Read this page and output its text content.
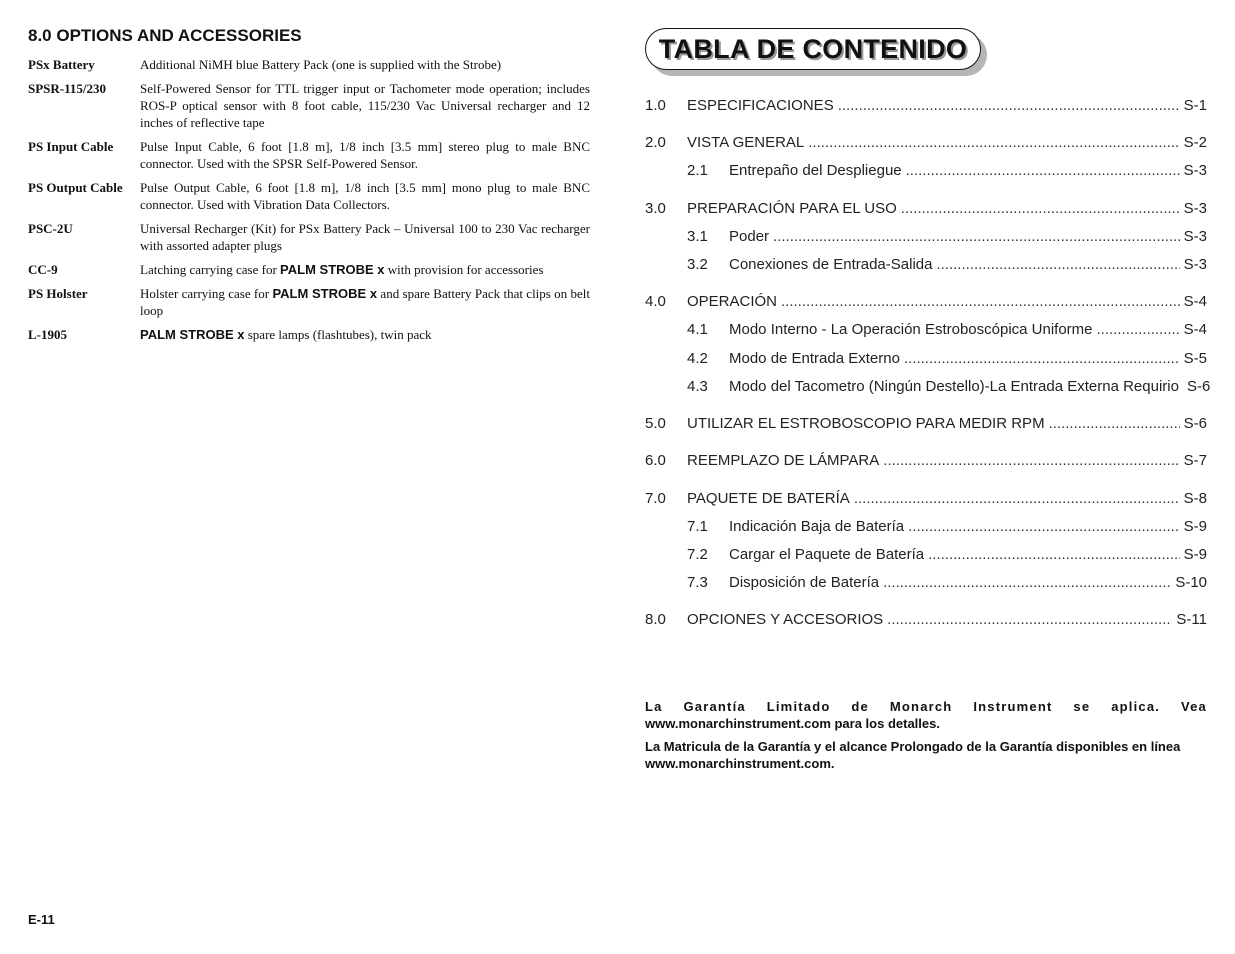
8.0 OPTIONS AND ACCESSORIES
PSx Battery	Additional NiMH blue Battery Pack (one is supplied with the Strobe)
SPSR-115/230	Self-Powered Sensor for TTL trigger input or Tachometer mode operation; includes ROS-P optical sensor with 8 foot cable, 115/230 Vac Universal recharger and 12 inches of reflective tape
PS Input Cable	Pulse Input Cable, 6 foot [1.8 m], 1/8 inch [3.5 mm] stereo plug to male BNC connector. Used with the SPSR Self-Powered Sensor.
PS Output Cable	Pulse Output Cable, 6 foot [1.8 m], 1/8 inch [3.5 mm] mono plug to male BNC connector. Used with Vibration Data Collectors.
PSC-2U	Universal Recharger (Kit) for PSx Battery Pack – Universal 100 to 230 Vac recharger with assorted adapter plugs
CC-9	Latching carrying case for PALM STROBE x with provision for accessories
PS Holster	Holster carrying case for PALM STROBE x and spare Battery Pack that clips on belt loop
L-1905	PALM STROBE x spare lamps (flashtubes), twin pack
E-11
TABLA DE CONTENIDO
1.0	ESPECIFICACIONES .....	S-1
2.0	VISTA GENERAL .....	S-2
2.1	Entrepaño del Despliegue .....	S-3
3.0	PREPARACIÓN PARA EL USO .....	S-3
3.1	Poder .....	S-3
3.2	Conexiones de Entrada-Salida .....	S-3
4.0	OPERACIÓN .....	S-4
4.1	Modo Interno - La Operación Estroboscópica Uniforme .....	S-4
4.2	Modo de Entrada Externo .....	S-5
4.3	Modo del Tacometro (Ningún Destello)-La Entrada Externa Requirio S-6
5.0	UTILIZAR EL ESTROBOSCOPIO PARA MEDIR RPM .....	S-6
6.0	REEMPLAZO DE LÁMPARA .....	S-7
7.0	PAQUETE DE BATERÍA .....	S-8
7.1	Indicación Baja de Batería .....	S-9
7.2	Cargar el Paquete de Batería .....	S-9
7.3	Disposición de Batería .....	S-10
8.0	OPCIONES Y ACCESORIOS .....	S-11
La Garantía Limitado de Monarch Instrument se aplica. Vea
www.monarchinstrument.com para los detalles.
La Matricula de la Garantía y el alcance Prolongado de la Garantía disponibles en línea www.monarchinstrument.com.
